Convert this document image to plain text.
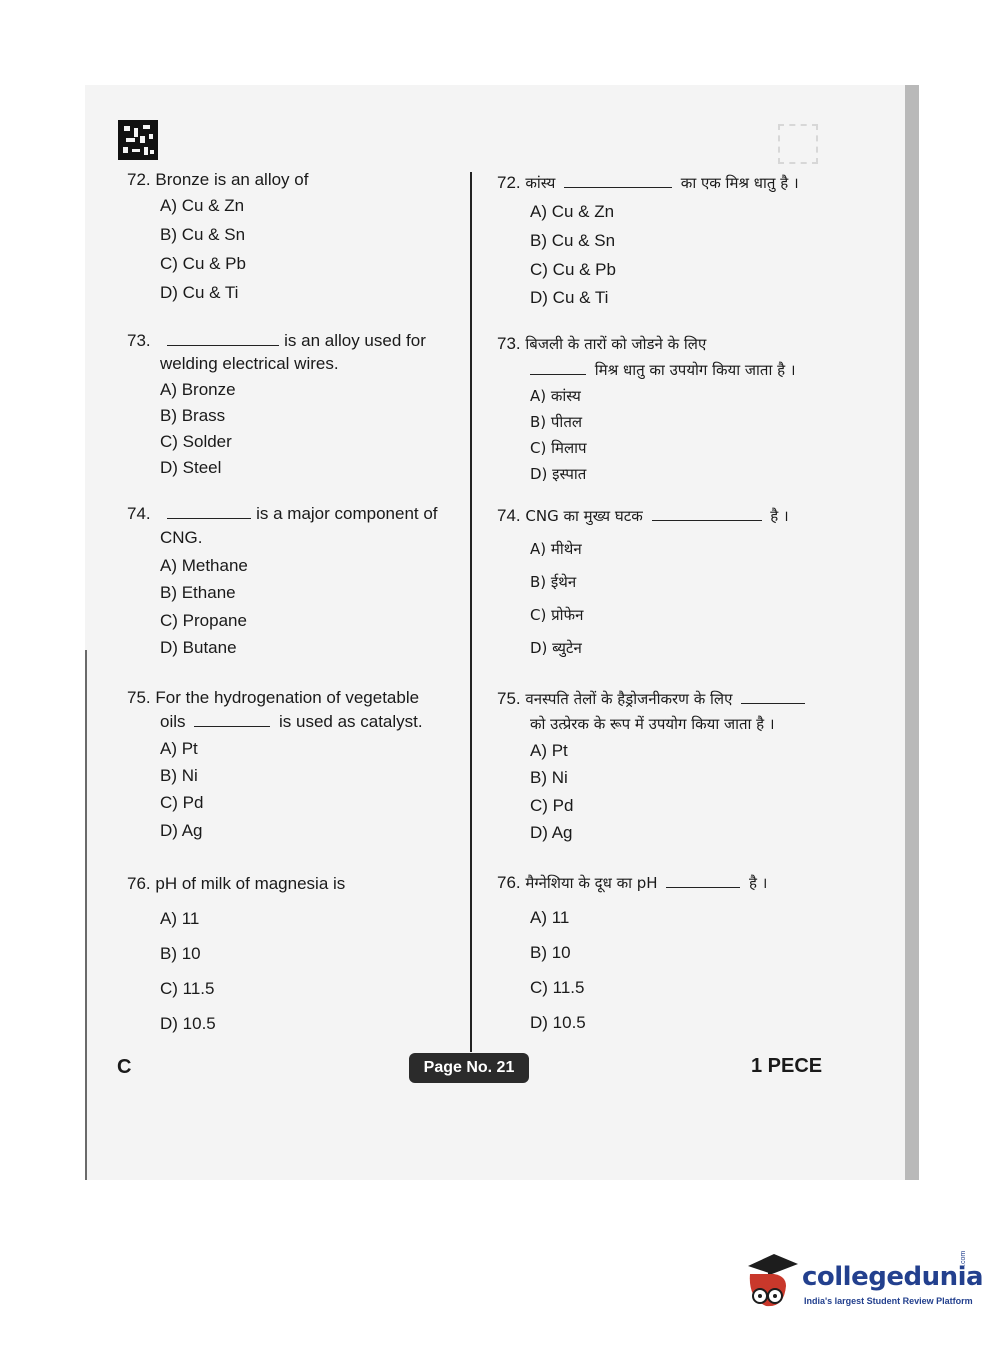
72. Bronze is an alloy of
A) Cu & Zn
B) Cu & Sn
C) Cu & Pb
D) Cu & Ti
73.	is an alloy used for
welding electrical wires.
A) Bronze
B) Brass
C) Solder
D) Steel
74.	is a major component of
CNG.
A) Methane
B) Ethane
C) Propane
D) Butane
75. For the hydrogenation of vegetable
oils	is used as catalyst.
A) Pt
B) Ni
C) Pd
D) Ag
76. pH of milk of magnesia is
A) 11
B) 10
C) 11.5
D) 10.5
72. कांस्य	का एक मिश्र धातु है ।
A) Cu & Zn
B) Cu & Sn
C) Cu & Pb
D) Cu & Ti
73. बिजली के तारों को जोडने के लिए
मिश्र धातु का उपयोग किया जाता है ।
A) कांस्य
B) पीतल
C) मिलाप
D) इस्पात
74. CNG का मुख्य घटक	है ।
A) मीथेन
B) ईथेन
C) प्रोफेन
D) ब्युटेन
75. वनस्पति तेलों के हैड्रोजनीकरण के लिए
को उत्प्रेरक के रूप में उपयोग किया जाता है ।
A) Pt
B) Ni
C) Pd
D) Ag
76. मैग्नेशिया के दूध का pH	है ।
A) 11
B) 10
C) 11.5
D) 10.5
C	Page No. 21	1 PECE
collegedunia
.com
India's largest Student Review Platform
